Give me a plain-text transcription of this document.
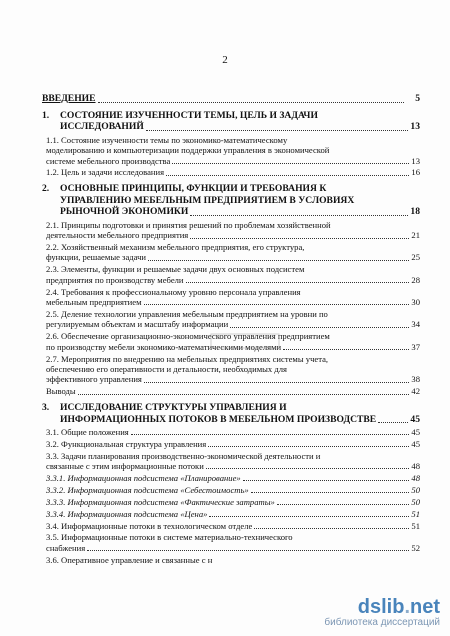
2
ВВЕДЕНИЕ	5
1.	СОСТОЯНИЕ ИЗУЧЕННОСТИ ТЕМЫ, ЦЕЛЬ И ЗАДАЧИ
ИССЛЕДОВАНИЙ	13
1.1. Состояние изученности темы по экономико-математическому
моделированию и компьютеризации поддержки управления в экономической
системе мебельного производства	13
1.2. Цель и задачи исследования	16
2.	ОСНОВНЫЕ ПРИНЦИПЫ, ФУНКЦИИ И ТРЕБОВАНИЯ К
УПРАВЛЕНИЮ МЕБЕЛЬНЫМ ПРЕДПРИЯТИЕМ В УСЛОВИЯХ
РЫНОЧНОЙ ЭКОНОМИКИ	18
2.1. Принципы подготовки и принятия решений по проблемам хозяйственной
деятельности мебельного предприятия	21
2.2. Хозяйственный механизм мебельного предприятия, его структура,
функции, решаемые задачи	25
2.3. Элементы, функции и решаемые задачи двух основных подсистем
предприятия по производству мебели	28
2.4. Требования к профессиональному уровню персонала управления
мебельным предприятием	30
2.5. Деление технологии управления мебельным предприятием на уровни по
регулируемым объектам и масштабу информации	34
2.6. Обеспечение организационно-экономического управления предприятием
по производству мебели экономико-математическими моделями	37
2.7. Мероприятия по внедрению на мебельных предприятиях системы учета,
обеспечению его оперативности и детальности, необходимых для
эффективного управления	38
Выводы	42
3.	ИССЛЕДОВАНИЕ СТРУКТУРЫ УПРАВЛЕНИЯ И
ИНФОРМАЦИОННЫХ ПОТОКОВ В МЕБЕЛЬНОМ ПРОИЗВОДСТВЕ	45
3.1. Общие положения	45
3.2. Функциональная структура управления	45
3.3. Задачи планирования производственно-экономической деятельности и
связанные с этим информационные потоки	48
3.3.1. Информационная подсистема «Планирование»	48
3.3.2. Информационная подсистема «Себестоимость»	50
3.3.3. Информационная подсистема «Фактические затраты»	50
3.3.4. Информационная подсистема «Цена»	51
3.4. Информационные потоки в технологическом отделе	51
3.5. Информационные потоки в системе материально-технического
снабжения	52
3.6. Оперативное управление и связанные с н
dslib.net
библиотека диссертаций
